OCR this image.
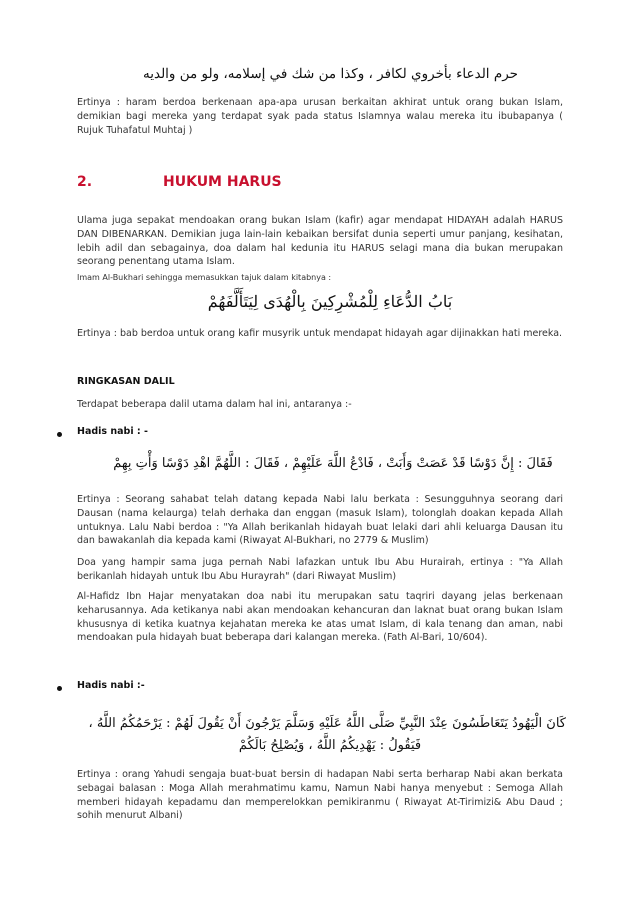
حرم الدعاء بأخروي لكافر ، وكذا من شك في إسلامه، ولو من والديه
Ertinya : haram berdoa berkenaan apa-apa urusan berkaitan akhirat untuk orang bukan Islam, demikian bagi mereka yang terdapat syak pada status Islamnya walau mereka itu ibubapanya ( Rujuk Tuhafatul Muhtaj )
2.	HUKUM HARUS
Ulama juga sepakat mendoakan orang bukan Islam (kafir) agar mendapat HIDAYAH adalah HARUS DAN DIBENARKAN. Demikian juga lain-lain kebaikan bersifat dunia seperti umur panjang, kesihatan, lebih adil dan sebagainya, doa dalam hal kedunia itu HARUS selagi mana dia bukan merupakan seorang penentang utama Islam.
Imam Al-Bukhari sehingga memasukkan tajuk dalam kitabnya :
بَابُ الدُّعَاءِ لِلْمُشْرِكِينَ بِالْهُدَى لِيَتَأَلَّفَهُمْ
Ertinya : bab berdoa untuk orang kafir musyrik untuk mendapat hidayah agar dijinakkan hati mereka.
RINGKASAN DALIL
Terdapat beberapa dalil utama dalam hal ini, antaranya :-
Hadis nabi : -
فَقَالَ : إِنَّ دَوْسًا قَدْ عَصَتْ وَأَبَتْ ، فَادْعُ اللَّهَ عَلَيْهِمْ ، فَقَالَ : اللَّهُمَّ اهْدِ دَوْسًا وَأْتِ بِهِمْ
Ertinya : Seorang sahabat telah datang kepada Nabi lalu berkata : Sesungguhnya seorang dari Dausan (nama kelaurga) telah derhaka dan enggan (masuk Islam), tolonglah doakan kepada Allah untuknya. Lalu Nabi berdoa : "Ya Allah berikanlah hidayah buat lelaki dari ahli keluarga Dausan itu dan bawakanlah dia kepada kami (Riwayat Al-Bukhari, no 2779 & Muslim)
Doa yang hampir sama juga pernah Nabi lafazkan untuk Ibu Abu Hurairah, ertinya : "Ya Allah berikanlah hidayah untuk Ibu Abu Hurayrah" (dari Riwayat Muslim)
Al-Hafidz Ibn Hajar menyatakan doa nabi itu merupakan satu taqriri dayang jelas berkenaan keharusannya. Ada ketikanya nabi akan mendoakan kehancuran dan laknat buat orang bukan Islam khususnya di ketika kuatnya kejahatan mereka ke atas umat Islam, di kala tenang dan aman, nabi mendoakan pula hidayah buat beberapa dari kalangan mereka. (Fath Al-Bari, 10/604).
Hadis nabi :-
كَانَ الْيَهُودُ يَتَعَاطَسُونَ عِنْدَ النَّبِيِّ صَلَّى اللَّهُ عَلَيْهِ وَسَلَّمَ يَرْجُونَ أَنْ يَقُولَ لَهُمْ : يَرْحَمُكُمُ اللَّهُ ،
فَيَقُولُ : يَهْدِيكُمُ اللَّهُ ، وَيُصْلِحُ بَالَكُمْ
Ertinya : orang Yahudi sengaja buat-buat bersin di hadapan Nabi serta berharap Nabi akan berkata sebagai balasan : Moga Allah merahmatimu kamu, Namun Nabi hanya menyebut : Semoga Allah memberi hidayah kepadamu dan memperelokkan pemikiranmu ( Riwayat At-Tirimizi& Abu Daud ; sohih menurut Albani)
